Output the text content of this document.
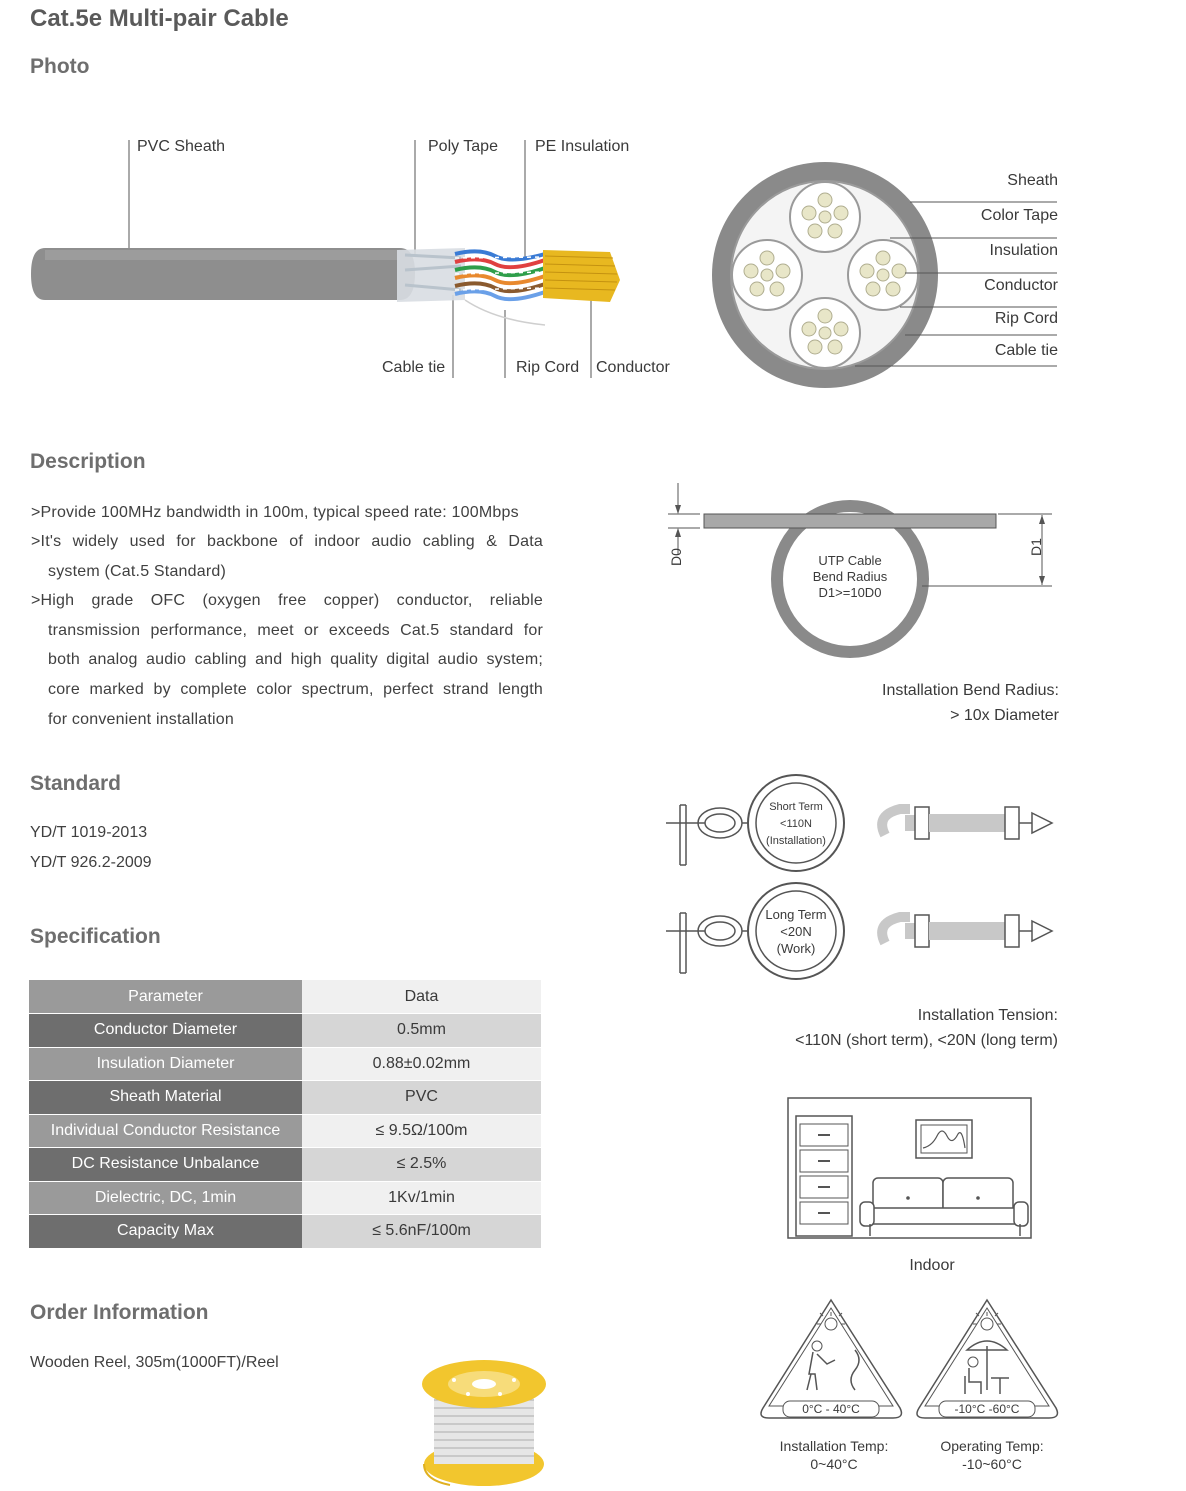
Cat.5e Multi-pair Cable
Photo
PVC Sheath	Poly Tape PE Insulation
Cable tie	Rip Cord Conductor
Sheath
Color Tape
Insulation
Conductor
Rip Cord
Cable tie
Description
>Provide 100MHz bandwidth in 100m, typical speed rate: 100Mbps
>It's widely used for backbone of indoor audio cabling & Data
system (Cat.5 Standard)
>High grade OFC (oxygen free copper) conductor, reliable
transmission performance, meet or exceeds Cat.5 standard for
both analog audio cabling and high quality digital audio system;
core marked by complete color spectrum, perfect strand length
for convenient installation
D0
D1
UTP Cable
Bend Radius
D1>=10D0
Installation Bend Radius:
> 10x Diameter
Standard
YD/T 1019-2013
YD/T 926.2-2009
Short Term
<110N
(Installation)
Long Term
<20N
(Work)
Installation Tension:
<110N (short term), <20N (long term)
Specification
Parameter	Data
Conductor Diameter	0.5mm
Insulation Diameter	0.88±0.02mm
Sheath Material	PVC
Individual Conductor Resistance	≤ 9.5Ω/100m
DC Resistance Unbalance	≤ 2.5%
Dielectric, DC, 1min	1Kv/1min
Capacity Max	≤ 5.6nF/100m
Indoor
Order Information
Wooden Reel, 305m(1000FT)/Reel
0°C - 40°C	-10°C -60°C
Installation Temp:
0~40°C
Operating Temp:
-10~60°C
